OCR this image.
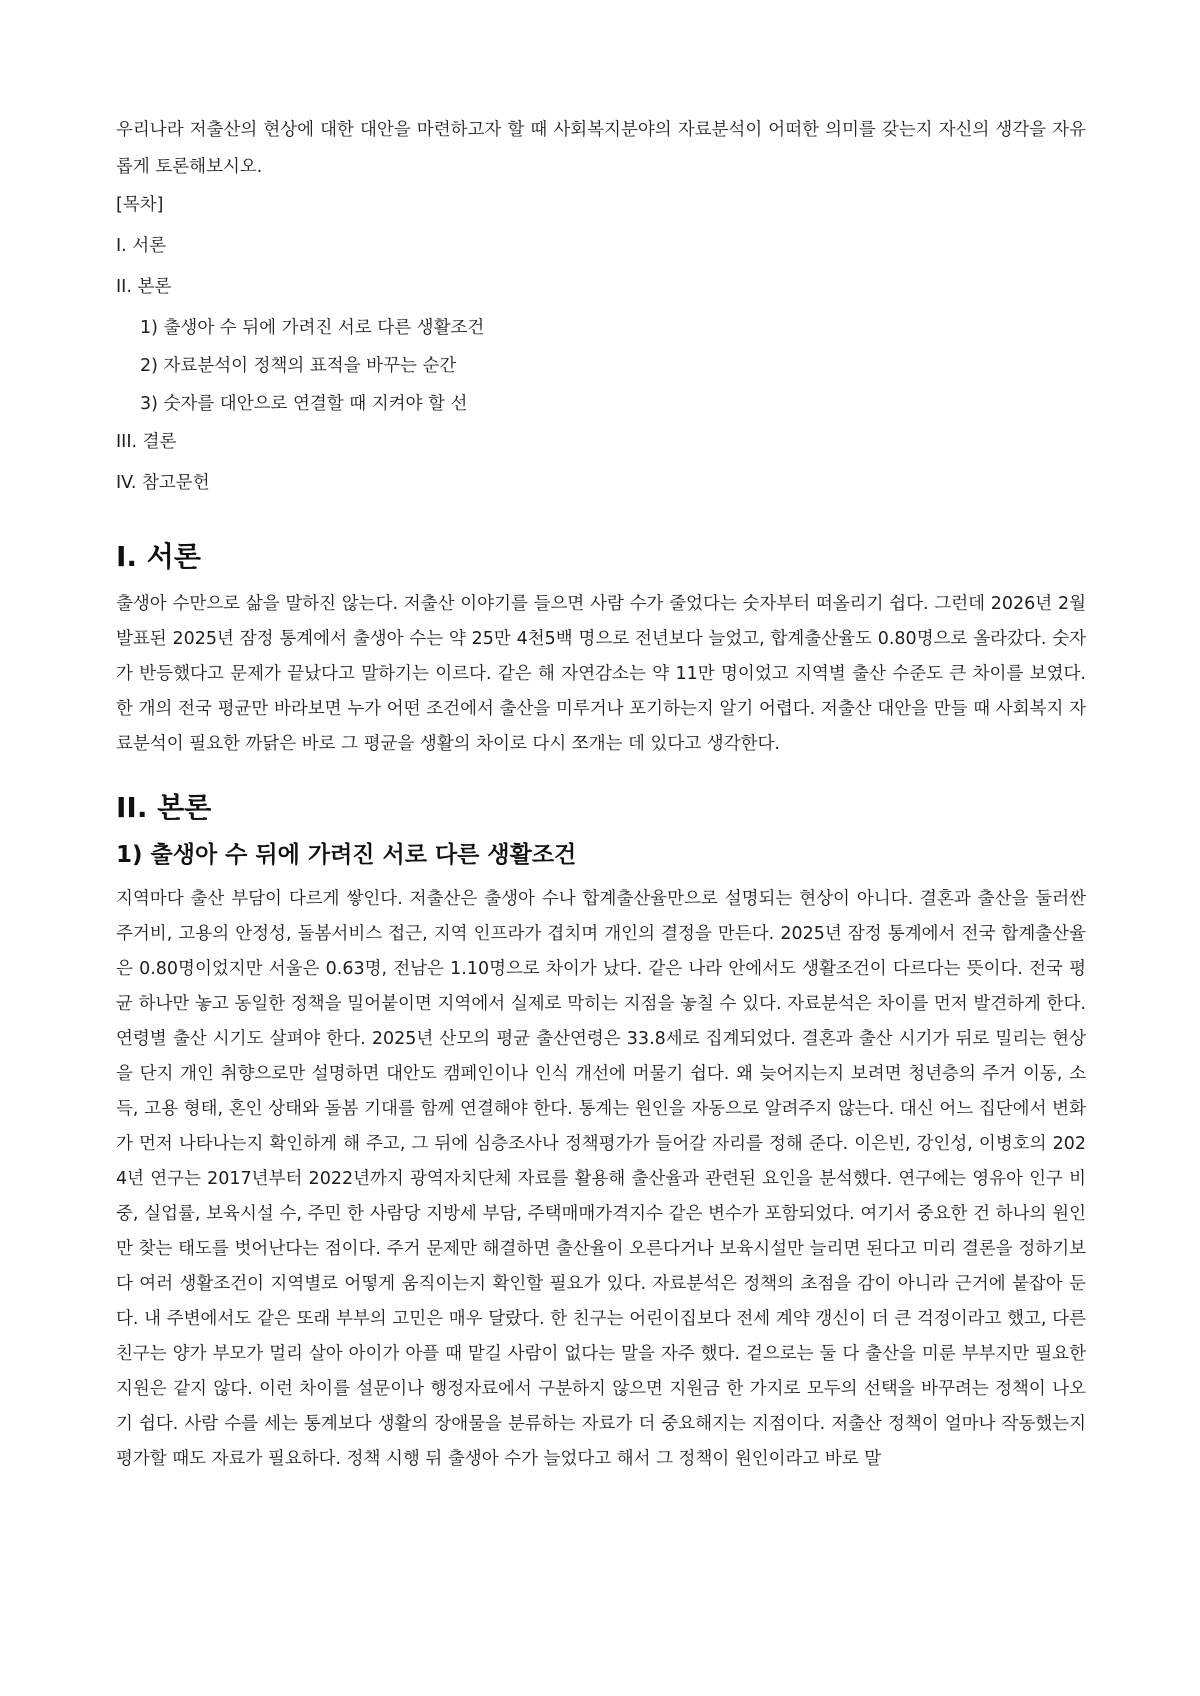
우리나라 저출산의 현상에 대한 대안을 마련하고자 할 때 사회복지분야의 자료분석이 어떠한 의미를 갖는지 자신의 생각을 자유롭게 토론해보시오.

[목차]
I. 서론
II. 본론
1) 출생아 수 뒤에 가려진 서로 다른 생활조건
2) 자료분석이 정책의 표적을 바꾸는 순간
3) 숫자를 대안으로 연결할 때 지켜야 할 선
III. 결론
IV. 참고문헌
I. 서론

출생아 수만으로 삶을 말하진 않는다. 저출산 이야기를 들으면 사람 수가 줄었다는 숫자부터 떠올리기 쉽다. 그런데 2026년 2월 발표된 2025년 잠정 통계에서 출생아 수는 약 25만 4천5백 명으로 전년보다 늘었고, 합계출산율도 0.80명으로 올라갔다. 숫자가 반등했다고 문제가 끝났다고 말하기는 이르다. 같은 해 자연감소는 약 11만 명이었고 지역별 출산 수준도 큰 차이를 보였다. 한 개의 전국 평균만 바라보면 누가 어떤 조건에서 출산을 미루거나 포기하는지 알기 어렵다. 저출산 대안을 만들 때 사회복지 자료분석이 필요한 까닭은 바로 그 평균을 생활의 차이로 다시 쪼개는 데 있다고 생각한다.

II. 본론
1) 출생아 수 뒤에 가려진 서로 다른 생활조건

지역마다 출산 부담이 다르게 쌓인다. 저출산은 출생아 수나 합계출산율만으로 설명되는 현상이 아니다. 결혼과 출산을 둘러싼 주거비, 고용의 안정성, 돌봄서비스 접근, 지역 인프라가 겹치며 개인의 결정을 만든다. 2025년 잠정 통계에서 전국 합계출산율은 0.80명이었지만 서울은 0.63명, 전남은 1.10명으로 차이가 났다. 같은 나라 안에서도 생활조건이 다르다는 뜻이다. 전국 평균 하나만 놓고 동일한 정책을 밀어붙이면 지역에서 실제로 막히는 지점을 놓칠 수 있다. 자료분석은 차이를 먼저 발견하게 한다. 연령별 출산 시기도 살펴야 한다. 2025년 산모의 평균 출산연령은 33.8세로 집계되었다. 결혼과 출산 시기가 뒤로 밀리는 현상을 단지 개인 취향으로만 설명하면 대안도 캠페인이나 인식 개선에 머물기 쉽다. 왜 늦어지는지 보려면 청년층의 주거 이동, 소득, 고용 형태, 혼인 상태와 돌봄 기대를 함께 연결해야 한다. 통계는 원인을 자동으로 알려주지 않는다. 대신 어느 집단에서 변화가 먼저 나타나는지 확인하게 해 주고, 그 뒤에 심층조사나 정책평가가 들어갈 자리를 정해 준다. 이은빈, 강인성, 이병호의 2024년 연구는 2017년부터 2022년까지 광역자치단체 자료를 활용해 출산율과 관련된 요인을 분석했다. 연구에는 영유아 인구 비중, 실업률, 보육시설 수, 주민 한 사람당 지방세 부담, 주택매매가격지수 같은 변수가 포함되었다. 여기서 중요한 건 하나의 원인만 찾는 태도를 벗어난다는 점이다. 주거 문제만 해결하면 출산율이 오른다거나 보육시설만 늘리면 된다고 미리 결론을 정하기보다 여러 생활조건이 지역별로 어떻게 움직이는지 확인할 필요가 있다. 자료분석은 정책의 초점을 감이 아니라 근거에 붙잡아 둔다. 내 주변에서도 같은 또래 부부의 고민은 매우 달랐다. 한 친구는 어린이집보다 전세 계약 갱신이 더 큰 걱정이라고 했고, 다른 친구는 양가 부모가 멀리 살아 아이가 아플 때 맡길 사람이 없다는 말을 자주 했다. 겉으로는 둘 다 출산을 미룬 부부지만 필요한 지원은 같지 않다. 이런 차이를 설문이나 행정자료에서 구분하지 않으면 지원금 한 가지로 모두의 선택을 바꾸려는 정책이 나오기 쉽다. 사람 수를 세는 통계보다 생활의 장애물을 분류하는 자료가 더 중요해지는 지점이다. 저출산 정책이 얼마나 작동했는지 평가할 때도 자료가 필요하다. 정책 시행 뒤 출생아 수가 늘었다고 해서 그 정책이 원인이라고 바로 말
